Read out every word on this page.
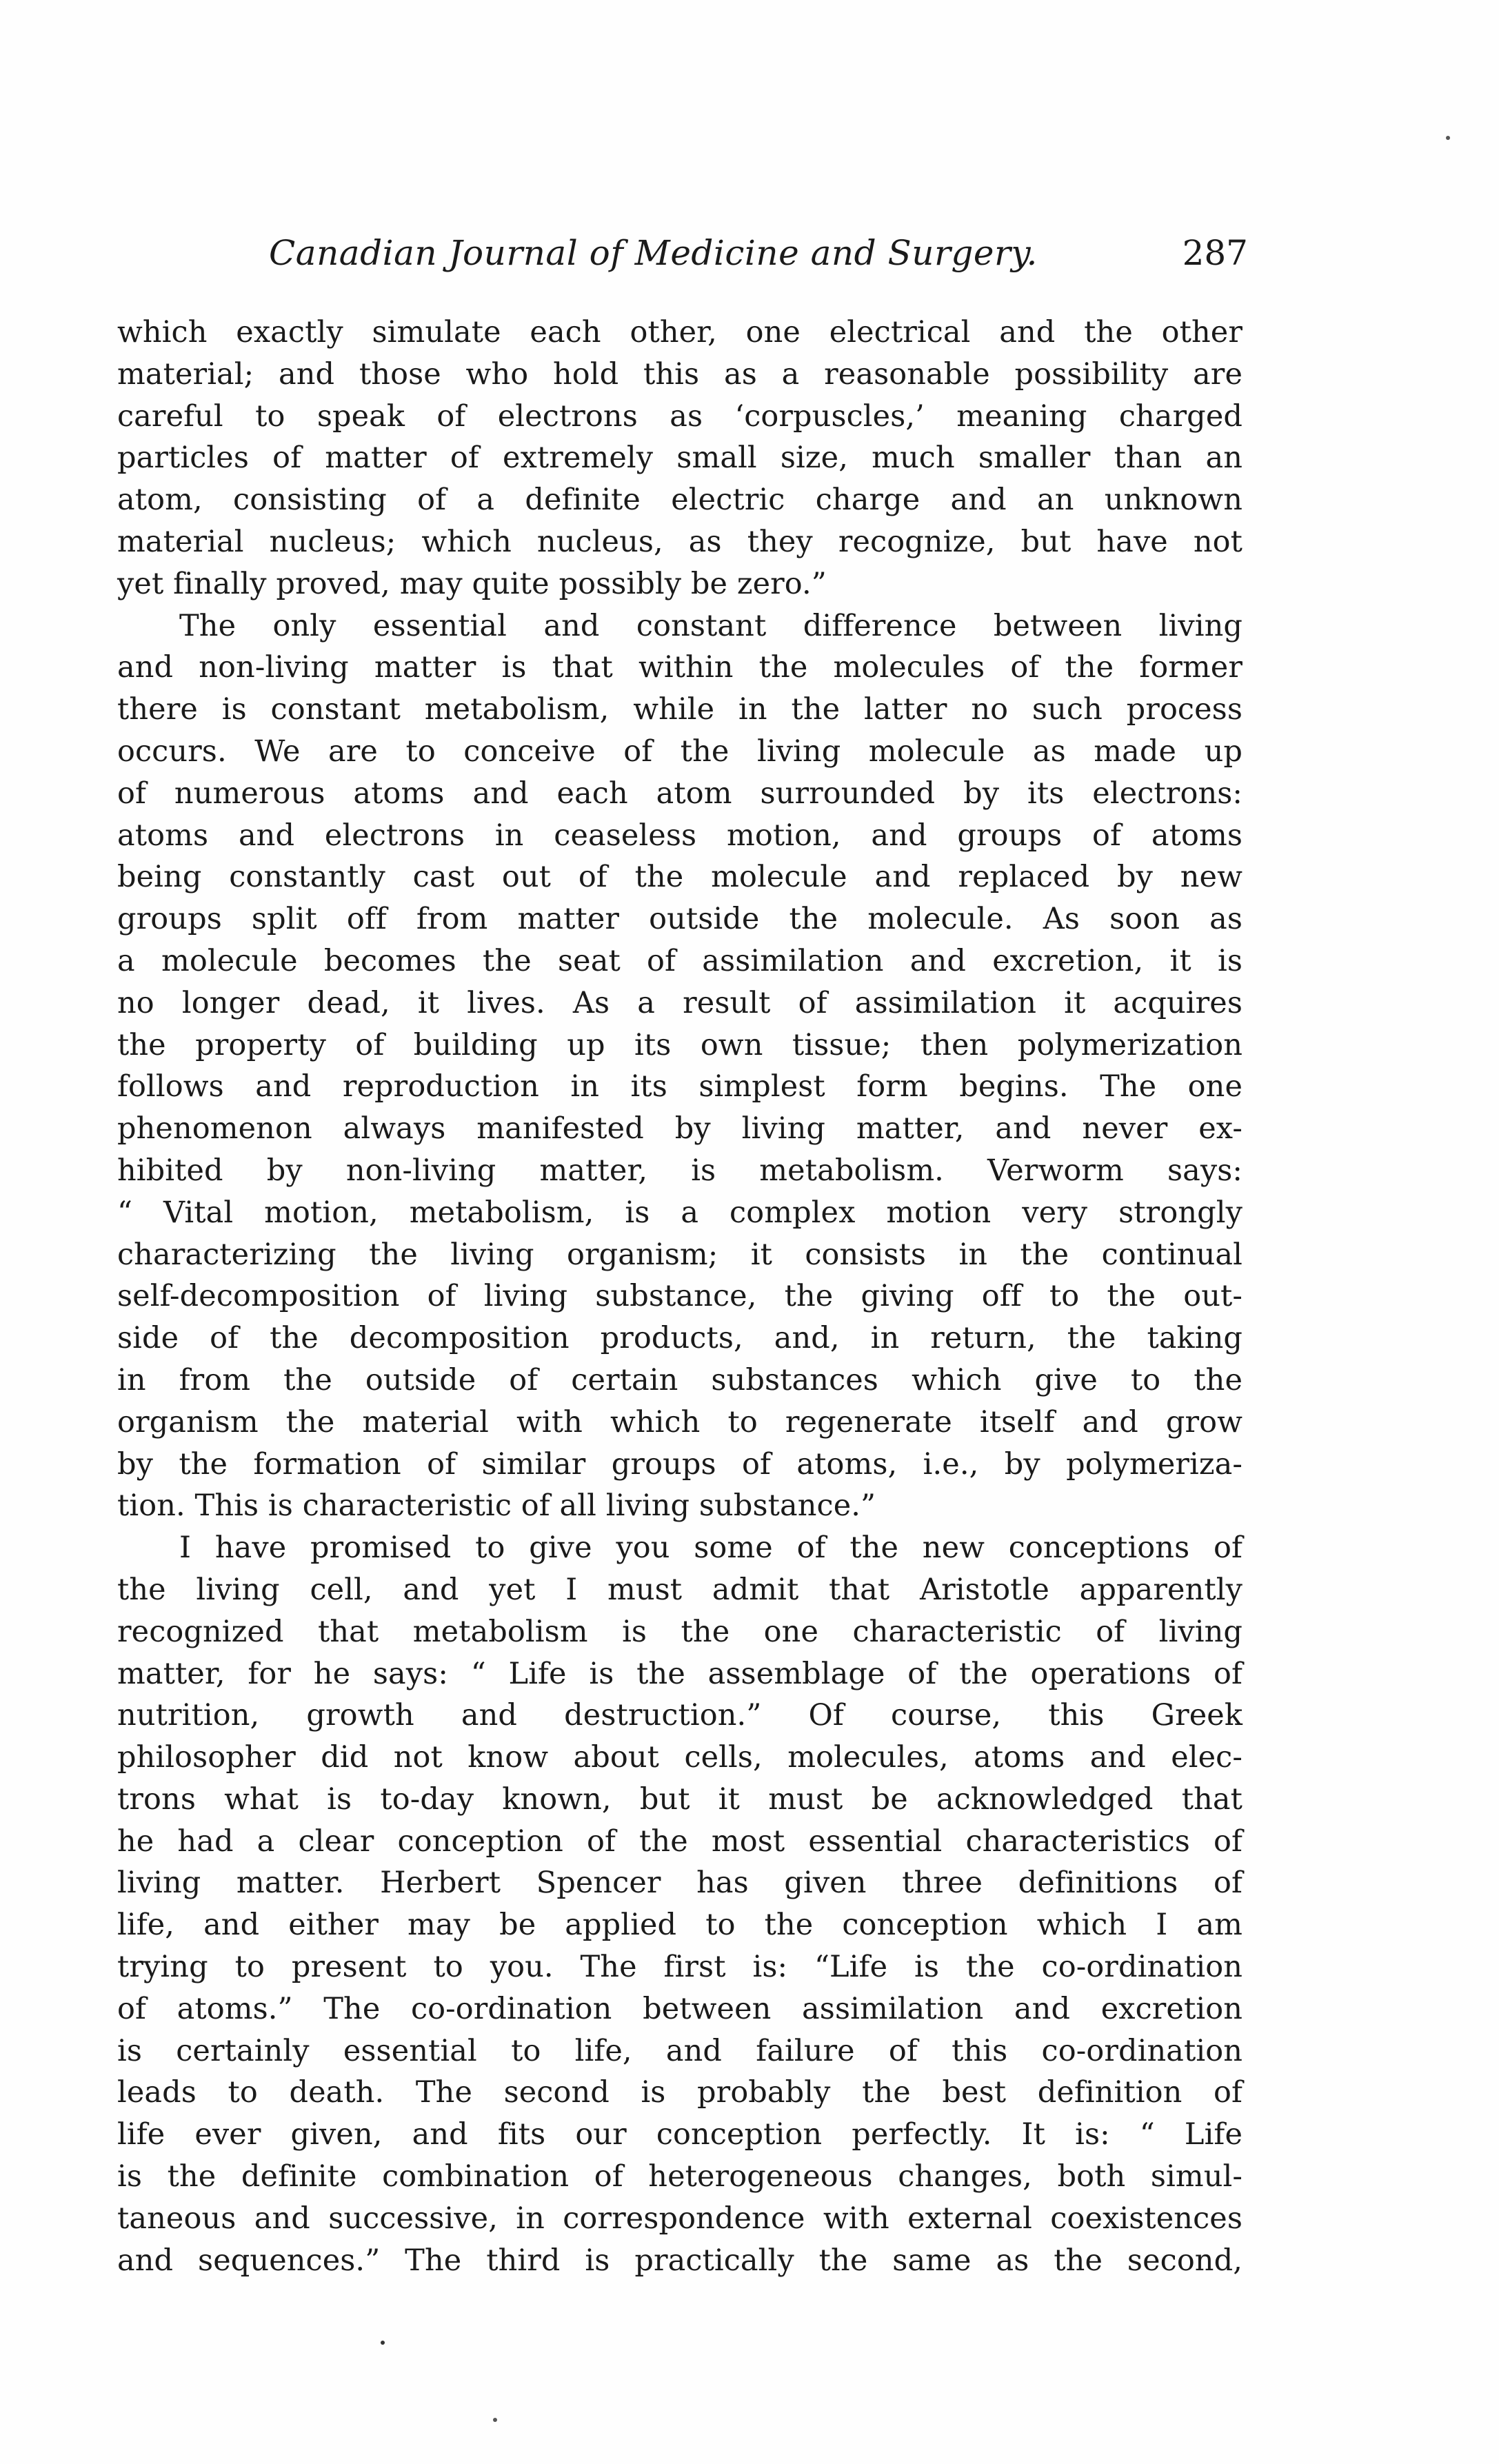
Canadian Journal of Medicine and Surgery.	287
which exactly simulate each other, one electrical and the other
material; and those who hold this as a reasonable possibility are
careful to speak of electrons as ‘corpuscles,’ meaning charged
particles of matter of extremely small size, much smaller than an
atom, consisting of a definite electric charge and an unknown
material nucleus; which nucleus, as they recognize, but have not
yet finally proved, may quite possibly be zero.”
The only essential and constant difference between living
and non-living matter is that within the molecules of the former
there is constant metabolism, while in the latter no such process
occurs. We are to conceive of the living molecule as made up
of numerous atoms and each atom surrounded by its electrons:
atoms and electrons in ceaseless motion, and groups of atoms
being constantly cast out of the molecule and replaced by new
groups split off from matter outside the molecule. As soon as
a molecule becomes the seat of assimilation and excretion, it is
no longer dead, it lives. As a result of assimilation it acquires
the property of building up its own tissue; then polymerization
follows and reproduction in its simplest form begins. The one
phenomenon always manifested by living matter, and never ex-
hibited by non-living matter, is metabolism. Verworm says:
“ Vital motion, metabolism, is a complex motion very strongly
characterizing the living organism; it consists in the continual
self-decomposition of living substance, the giving off to the out-
side of the decomposition products, and, in return, the taking
in from the outside of certain substances which give to the
organism the material with which to regenerate itself and grow
by the formation of similar groups of atoms, i.e., by polymeriza-
tion. This is characteristic of all living substance.”
I have promised to give you some of the new conceptions of
the living cell, and yet I must admit that Aristotle apparently
recognized that metabolism is the one characteristic of living
matter, for he says: “ Life is the assemblage of the operations of
nutrition, growth and destruction.” Of course, this Greek
philosopher did not know about cells, molecules, atoms and elec-
trons what is to-day known, but it must be acknowledged that
he had a clear conception of the most essential characteristics of
living matter. Herbert Spencer has given three definitions of
life, and either may be applied to the conception which I am
trying to present to you. The first is: “Life is the co-ordination
of atoms.” The co-ordination between assimilation and excretion
is certainly essential to life, and failure of this co-ordination
leads to death. The second is probably the best definition of
life ever given, and fits our conception perfectly. It is: “ Life
is the definite combination of heterogeneous changes, both simul-
taneous and successive, in correspondence with external coexistences
and sequences.” The third is practically the same as the second,
